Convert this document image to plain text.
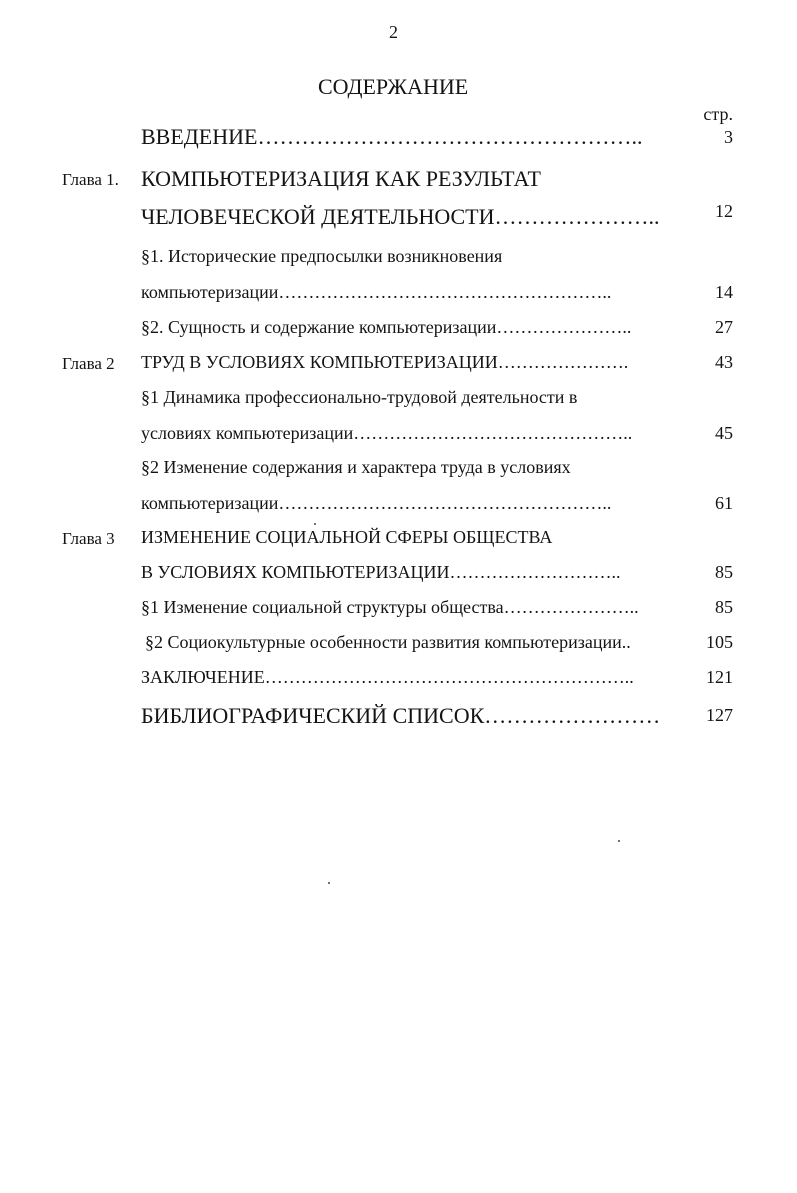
2
СОДЕРЖАНИЕ
стр.
ВВЕДЕНИЕ……………………………………………..	3
Глава 1. КОМПЬЮТЕРИЗАЦИЯ КАК РЕЗУЛЬТАТ
ЧЕЛОВЕЧЕСКОЙ ДЕЯТЕЛЬНОСТИ…………………..	12
§1. Исторические предпосылки возникновения
компьютеризации………………………………………………..	14
§2. Сущность и содержание компьютеризации…………………..	27
Глава 2 ТРУД В УСЛОВИЯХ КОМПЬЮТЕРИЗАЦИИ………………….	43
§1 Динамика профессионально-трудовой деятельности в
условиях компьютеризации………………………………………..	45
§2 Изменение содержания и характера труда в условиях
компьютеризации………………………………………………..	61
Глава 3 ИЗМЕНЕНИЕ СОЦИАЛЬНОЙ СФЕРЫ ОБЩЕСТВА
В УСЛОВИЯХ КОМПЬЮТЕРИЗАЦИИ………………………..	85
§1 Изменение социальной структуры общества…………………..	85
§2 Социокультурные особенности развития компьютеризации..	105
ЗАКЛЮЧЕНИЕ……………………………………………………..	121
БИБЛИОГРАФИЧЕСКИЙ СПИСОК……………………	127
